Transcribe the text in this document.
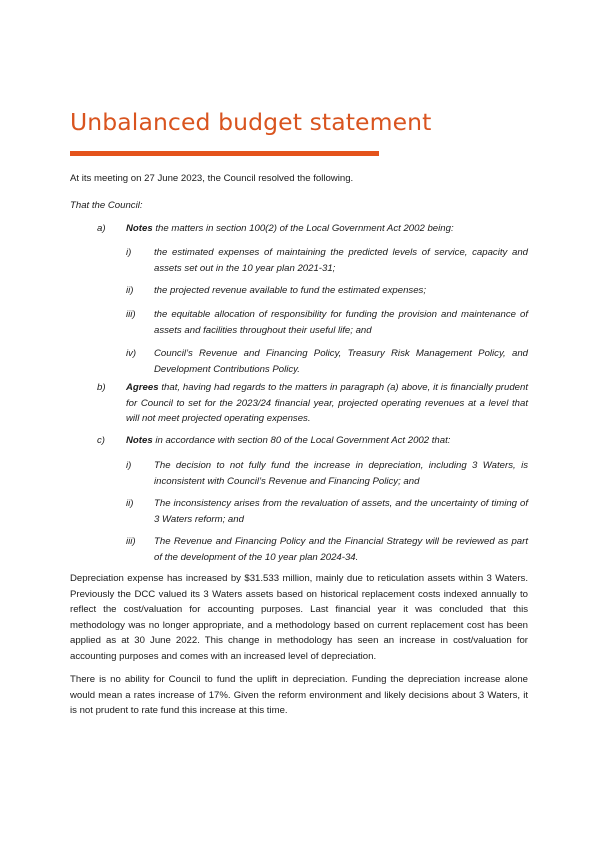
Unbalanced budget statement

At its meeting on 27 June 2023, the Council resolved the following.

That the Council:

a) Notes the matters in section 100(2) of the Local Government Act 2002 being:

i) the estimated expenses of maintaining the predicted levels of service, capacity and assets set out in the 10 year plan 2021-31;

ii) the projected revenue available to fund the estimated expenses;

iii) the equitable allocation of responsibility for funding the provision and maintenance of assets and facilities throughout their useful life; and

iv) Council’s Revenue and Financing Policy, Treasury Risk Management Policy, and Development Contributions Policy.

b) Agrees that, having had regards to the matters in paragraph (a) above, it is financially prudent for Council to set for the 2023/24 financial year, projected operating revenues at a level that will not meet projected operating expenses.

c) Notes in accordance with section 80 of the Local Government Act 2002 that:

i) The decision to not fully fund the increase in depreciation, including 3 Waters, is inconsistent with Council’s Revenue and Financing Policy; and

ii) The inconsistency arises from the revaluation of assets, and the uncertainty of timing of 3 Waters reform; and

iii) The Revenue and Financing Policy and the Financial Strategy will be reviewed as part of the development of the 10 year plan 2024-34.

Depreciation expense has increased by $31.533 million, mainly due to reticulation assets within 3 Waters. Previously the DCC valued its 3 Waters assets based on historical replacement costs indexed annually to reflect the cost/valuation for accounting purposes. Last financial year it was concluded that this methodology was no longer appropriate, and a methodology based on current replacement cost has been applied as at 30 June 2022. This change in methodology has seen an increase in cost/valuation for accounting purposes and comes with an increased level of depreciation.

There is no ability for Council to fund the uplift in depreciation. Funding the depreciation increase alone would mean a rates increase of 17%. Given the reform environment and likely decisions about 3 Waters, it is not prudent to rate fund this increase at this time.
